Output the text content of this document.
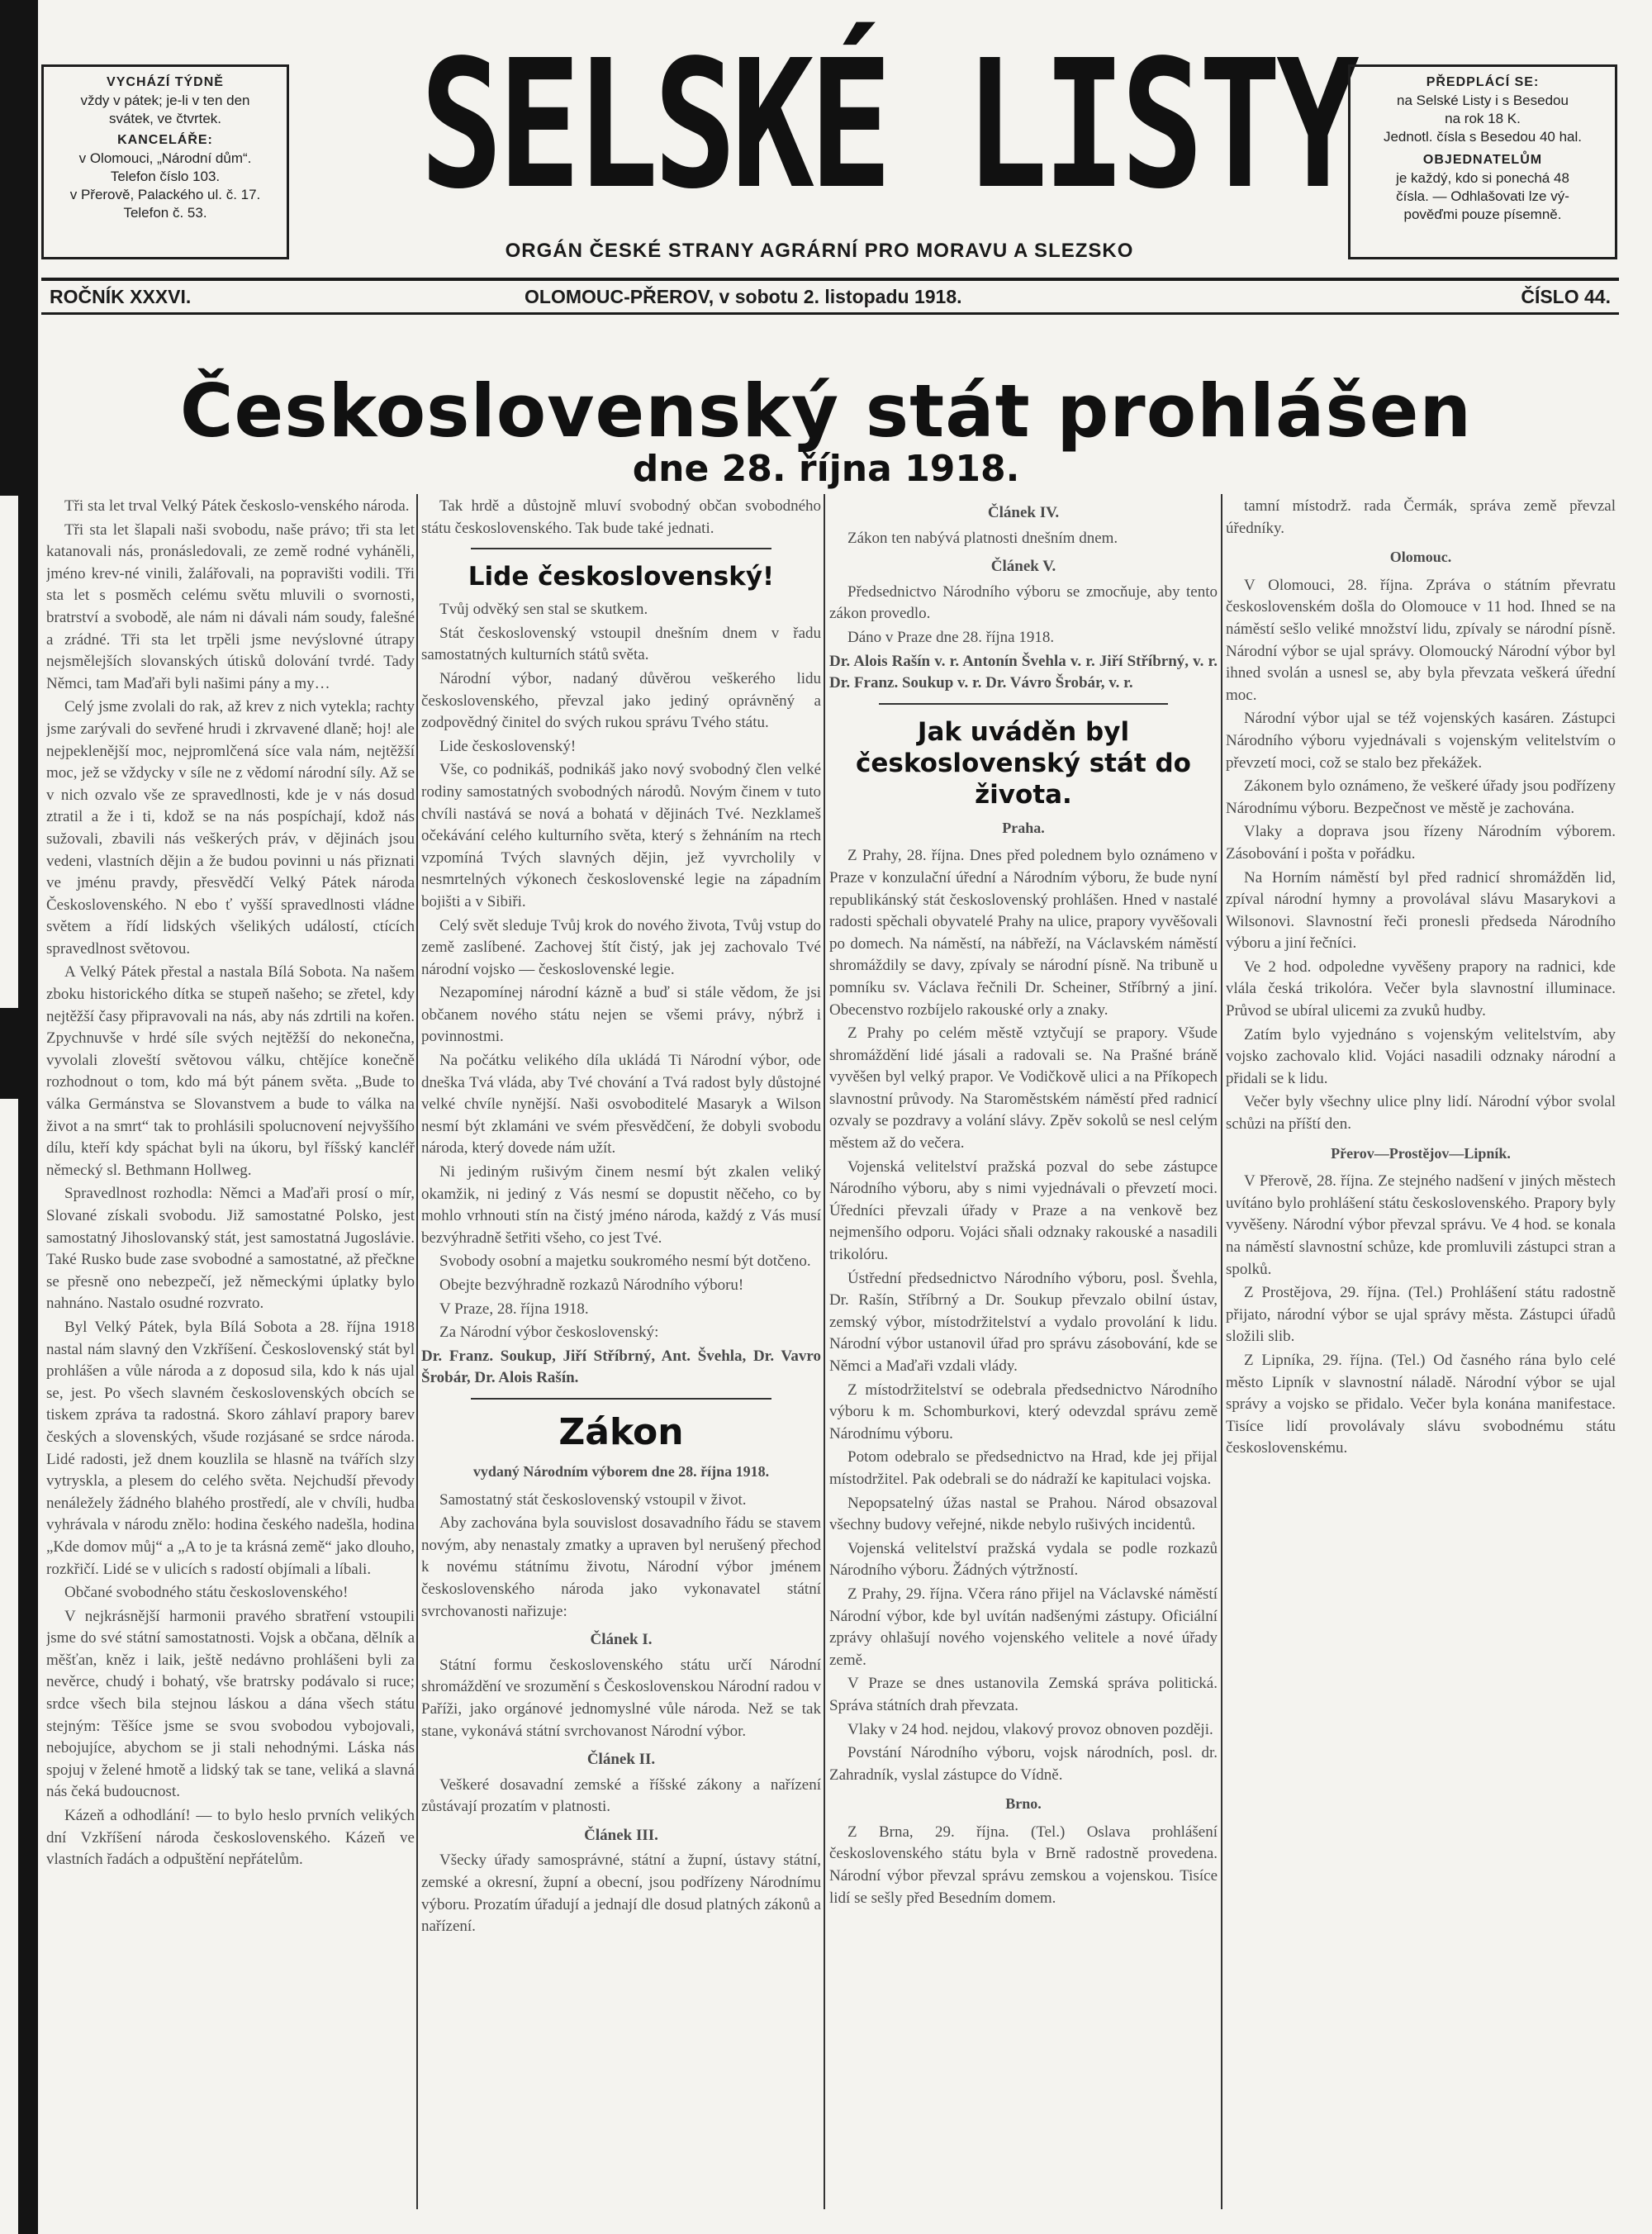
VYCHÁZÍ TÝDNĚ

vždy v pátek; je-li v ten den

svátek, ve čtvrtek.

KANCELÁŘE:

v Olomouci, „Národní dům“.

Telefon číslo 103.

v Přerově, Palackého ul. č. 17.

Telefon č. 53.	SELSKÉ LISTY
ORGÁN ČESKÉ STRANY AGRÁRNÍ PRO MORAVU A SLEZSKO

PŘEDPLÁCÍ SE:

na Selské Listy i s Besedou

na rok 18 K.

Jednotl. čísla s Besedou 40 hal.

OBJEDNATELŮM

je každý, kdo si ponechá 48

čísla. — Odhlašovati lze vý-

pověďmi pouze písemně.

ROČNÍK XXXVI.	OLOMOUC-PŘEROV, v sobotu 2. listopadu 1918.	ČÍSLO 44.
Československý stát prohlášen
dne 28. října 1918.

Tři sta let trval Velký Pátek českoslo-venského národa.

Tři sta let šlapali naši svobodu, naše právo; tři sta let katanovali nás, pronásledovali, ze země rodné vyháněli, jméno krev-né vinili, žalářovali, na popravišti vodili. Tři sta let s posměch celému světu mluvili o svornosti, bratrství a svobodě, ale nám ni dávali nám soudy, falešné a zrádné. Tři sta let trpěli jsme nevýslovné útrapy nejsmělejších slovanských útisků dolování tvrdé. Tady Němci, tam Maďaři byli našimi pány a my…

Celý jsme zvolali do rak, až krev z nich vytekla; rachty jsme zarývali do sevřené hrudi i zkrvavené dlaně; hoj! ale nejpeklenější moc, nejpromlčená síce vala nám, nejtěžší moc, jež se vždycky v síle ne z vědomí národní síly. Až se v nich ozvalo vše ze spravedlnosti, kde je v nás dosud ztratil a že i ti, kdož se na nás pospíchají, kdož nás sužovali, zbavili nás veškerých práv, v dějinách jsou vedeni, vlastních dějin a že budou povinni u nás přiznati ve jménu pravdy, přesvědčí Velký Pátek národa Československého. N ebo ť vyšší spravedlnosti vládne světem a řídí lidských všelikých událostí, ctících spravedlnost světovou.

A Velký Pátek přestal a nastala Bílá Sobota. Na našem zboku historického dítka se stupeň našeho; se zřetel, kdy nejtěžší časy připravovali na nás, aby nás zdrtili na kořen. Zpychnuvše v hrdé síle svých nejtěžší do nekonečna, vyvolali zloveští světovou válku, chtějíce konečně rozhodnout o tom, kdo má být pánem světa. „Bude to válka Germánstva se Slovanstvem a bude to válka na život a na smrt“ tak to prohlásili spolucnovení nejvyššího dílu, kteří kdy spáchat byli na úkoru, byl říšský kancléř německý sl. Bethmann Hollweg.

Spravedlnost rozhodla: Němci a Maďaři prosí o mír, Slované získali svobodu. Již samostatné Polsko, jest samostatný Jihoslovanský stát, jest samostatná Jugoslávie. Také Rusko bude zase svobodné a samostatné, až přečkne se přesně ono nebezpečí, jež německými úplatky bylo nahnáno. Nastalo osudné rozvrato.

Byl Velký Pátek, byla Bílá Sobota a 28. října 1918 nastal nám slavný den Vzkříšení. Československý stát byl prohlášen a vůle národa a z doposud sila, kdo k nás ujal se, jest. Po všech slavném československých obcích se tiskem zpráva ta radostná. Skoro záhlaví prapory barev českých a slovenských, všude rozjásané se srdce národa. Lidé radosti, jež dnem kouzlila se hlasně na tvářích slzy vytryskla, a plesem do celého světa. Nejchudší převody nenáležely žádného blahého prostředí, ale v chvíli, hudba vyhrávala v národu znělo: hodina českého nadešla, hodina „Kde domov můj“ a „A to je ta krásná země“ jako dlouho, rozkřičí. Lidé se v ulicích s radostí objímali a líbali.

Občané svobodného státu československého!

V nejkrásnější harmonii pravého sbratření vstoupili jsme do své státní samostatnosti. Vojsk a občana, dělník a měšťan, kněz i laik, ještě nedávno prohlášeni byli za nevěrce, chudý i bohatý, vše bratrsky podávalo si ruce; srdce všech bila stejnou láskou a dána všech státu stejným: Těšíce jsme se svou svobodou vybojovali, nebojujíce, abychom se ji stali nehodnými. Láska nás spojuj v želené hmotě a lidský tak se tane, veliká a slavná nás čeká budoucnost.

Kázeň a odhodlání! — to bylo heslo prvních velikých dní Vzkříšení národa československého. Kázeň ve vlastních řadách a odpuštění nepřátelům.

Tak hrdě a důstojně mluví svobodný občan svobodného státu československého. Tak bude také jednati.

Lide československý!

Tvůj odvěký sen stal se skutkem.

Stát československý vstoupil dnešním dnem v řadu samostatných kulturních států světa.

Národní výbor, nadaný důvěrou veškerého lidu československého, převzal jako jediný oprávněný a zodpovědný činitel do svých rukou správu Tvého státu.

Lide československý!

Vše, co podnikáš, podnikáš jako nový svobodný člen velké rodiny samostatných svobodných národů. Novým činem v tuto chvíli nastává se nová a bohatá v dějinách Tvé. Nezklameš očekávání celého kulturního světa, který s žehnáním na rtech vzpomíná Tvých slavných dějin, jež vyvrcholily v nesmrtelných výkonech československé legie na západním bojišti a v Sibiři.

Celý svět sleduje Tvůj krok do nového života, Tvůj vstup do země zaslíbené. Zachovej štít čistý, jak jej zachovalo Tvé národní vojsko — československé legie.

Nezapomínej národní kázně a buď si stále vědom, že jsi občanem nového státu nejen se všemi právy, nýbrž i povinnostmi.

Na počátku velikého díla ukládá Ti Národní výbor, ode dneška Tvá vláda, aby Tvé chování a Tvá radost byly důstojné velké chvíle nynější. Naši osvoboditelé Masaryk a Wilson nesmí být zklamáni ve svém přesvědčení, že dobyli svobodu národa, který dovede nám užít.

Ni jediným rušivým činem nesmí být zkalen veliký okamžik, ni jediný z Vás nesmí se dopustit něčeho, co by mohlo vrhnouti stín na čistý jméno národa, každý z Vás musí bezvýhradně šetřiti všeho, co jest Tvé.

Svobody osobní a majetku soukromého nesmí být dotčeno.

Obejte bezvýhradně rozkazů Národního výboru!

V Praze, 28. října 1918.

Za Národní výbor československý:

Dr. Franz. Soukup, Jiří Stříbrný, Ant. Švehla, Dr. Vavro Šrobár, Dr. Alois Rašín.

Zákon

vydaný Národním výborem dne 28. října 1918.

Samostatný stát československý vstoupil v život.

Aby zachována byla souvislost dosavadního řádu se stavem novým, aby nenastaly zmatky a upraven byl nerušený přechod k novému státnímu životu, Národní výbor jménem československého národa jako vykonavatel státní svrchovanosti nařizuje:

Článek I.

Státní formu československého státu určí Národní shromáždění ve srozumění s Československou Národní radou v Paříži, jako orgánové jednomyslné vůle národa. Než se tak stane, vykonává státní svrchovanost Národní výbor.

Článek II.

Veškeré dosavadní zemské a říšské zákony a nařízení zůstávají prozatím v platnosti.

Článek III.

Všecky úřady samosprávné, státní a župní, ústavy státní, zemské a okresní, župní a obecní, jsou podřízeny Národnímu výboru. Prozatím úřadují a jednají dle dosud platných zákonů a nařízení.

Článek IV.

Zákon ten nabývá platnosti dnešním dnem.

Článek V.

Předsednictvo Národního výboru se zmocňuje, aby tento zákon provedlo.

Dáno v Praze dne 28. října 1918.

Dr. Alois Rašín v. r. Antonín Švehla v. r. Jiří Stříbrný, v. r. Dr. Franz. Soukup v. r. Dr. Vávro Šrobár, v. r.

Jak uváděn byl československý stát do života.

Praha.

Z Prahy, 28. října. Dnes před polednem bylo oznámeno v Praze v konzulační úřední a Národním výboru, že bude nyní republikánský stát československý prohlášen. Hned v nastalé radosti spěchali obyvatelé Prahy na ulice, prapory vyvěšovali po domech. Na náměstí, na nábřeží, na Václavském náměstí shromáždily se davy, zpívaly se národní písně. Na tribuně u pomníku sv. Václava řečnili Dr. Scheiner, Stříbrný a jiní. Obecenstvo rozbíjelo rakouské orly a znaky.

Z Prahy po celém městě vztyčují se prapory. Všude shromáždění lidé jásali a radovali se. Na Prašné bráně vyvěšen byl velký prapor. Ve Vodičkově ulici a na Příkopech slavnostní průvody. Na Staroměstském náměstí před radnicí ozvaly se pozdravy a volání slávy. Zpěv sokolů se nesl celým městem až do večera.

Vojenská velitelství pražská pozval do sebe zástupce Národního výboru, aby s nimi vyjednávali o převzetí moci. Úředníci převzali úřady v Praze a na venkově bez nejmenšího odporu. Vojáci sňali odznaky rakouské a nasadili trikolóru.

Ústřední předsednictvo Národního výboru, posl. Švehla, Dr. Rašín, Stříbrný a Dr. Soukup převzalo obilní ústav, zemský výbor, místodržitelství a vydalo provolání k lidu. Národní výbor ustanovil úřad pro správu zásobování, kde se Němci a Maďaři vzdali vlády.

Z místodržitelství se odebrala předsednictvo Národního výboru k m. Schomburkovi, který odevzdal správu země Národnímu výboru.

Potom odebralo se předsednictvo na Hrad, kde jej přijal místodržitel. Pak odebrali se do nádraží ke kapitulaci vojska.

Nepopsatelný úžas nastal se Prahou. Národ obsazoval všechny budovy veřejné, nikde nebylo rušivých incidentů.

Vojenská velitelství pražská vydala se podle rozkazů Národního výboru. Žádných výtržností.

Z Prahy, 29. října. Včera ráno přijel na Václavské náměstí Národní výbor, kde byl uvítán nadšenými zástupy. Oficiální zprávy ohlašují nového vojenského velitele a nové úřady země.

V Praze se dnes ustanovila Zemská správa politická. Správa státních drah převzata.

Vlaky v 24 hod. nejdou, vlakový provoz obnoven později.

Povstání Národního výboru, vojsk národních, posl. dr. Zahradník, vyslal zástupce do Vídně.

Brno.

Z Brna, 29. října. (Tel.) Oslava prohlášení československého státu byla v Brně radostně provedena. Národní výbor převzal správu zemskou a vojenskou. Tisíce lidí se sešly před Besedním domem.

tamní místodrž. rada Čermák, správa země převzal úředníky.

Olomouc.

V Olomouci, 28. října. Zpráva o státním převratu československém došla do Olomouce v 11 hod. Ihned se na náměstí sešlo veliké množství lidu, zpívaly se národní písně. Národní výbor se ujal správy. Olomoucký Národní výbor byl ihned svolán a usnesl se, aby byla převzata veškerá úřední moc.

Národní výbor ujal se též vojenských kasáren. Zástupci Národního výboru vyjednávali s vojenským velitelstvím o převzetí moci, což se stalo bez překážek.

Zákonem bylo oznámeno, že veškeré úřady jsou podřízeny Národnímu výboru. Bezpečnost ve městě je zachována.

Vlaky a doprava jsou řízeny Národním výborem. Zásobování i pošta v pořádku.

Na Horním náměstí byl před radnicí shromážděn lid, zpíval národní hymny a provolával slávu Masarykovi a Wilsonovi. Slavnostní řeči pronesli předseda Národního výboru a jiní řečníci.

Ve 2 hod. odpoledne vyvěšeny prapory na radnici, kde vlála česká trikolóra. Večer byla slavnostní illuminace. Průvod se ubíral ulicemi za zvuků hudby.

Zatím bylo vyjednáno s vojenským velitelstvím, aby vojsko zachovalo klid. Vojáci nasadili odznaky národní a přidali se k lidu.

Večer byly všechny ulice plny lidí. Národní výbor svolal schůzi na příští den.

Přerov—Prostějov—Lipník.

V Přerově, 28. října. Ze stejného nadšení v jiných městech uvítáno bylo prohlášení státu československého. Prapory byly vyvěšeny. Národní výbor převzal správu. Ve 4 hod. se konala na náměstí slavnostní schůze, kde promluvili zástupci stran a spolků.

Z Prostějova, 29. října. (Tel.) Prohlášení státu radostně přijato, národní výbor se ujal správy města. Zástupci úřadů složili slib.

Z Lipníka, 29. října. (Tel.) Od časného rána bylo celé město Lipník v slavnostní náladě. Národní výbor se ujal správy a vojsko se přidalo. Večer byla konána manifestace. Tisíce lidí provolávaly slávu svobodnému státu československému.
